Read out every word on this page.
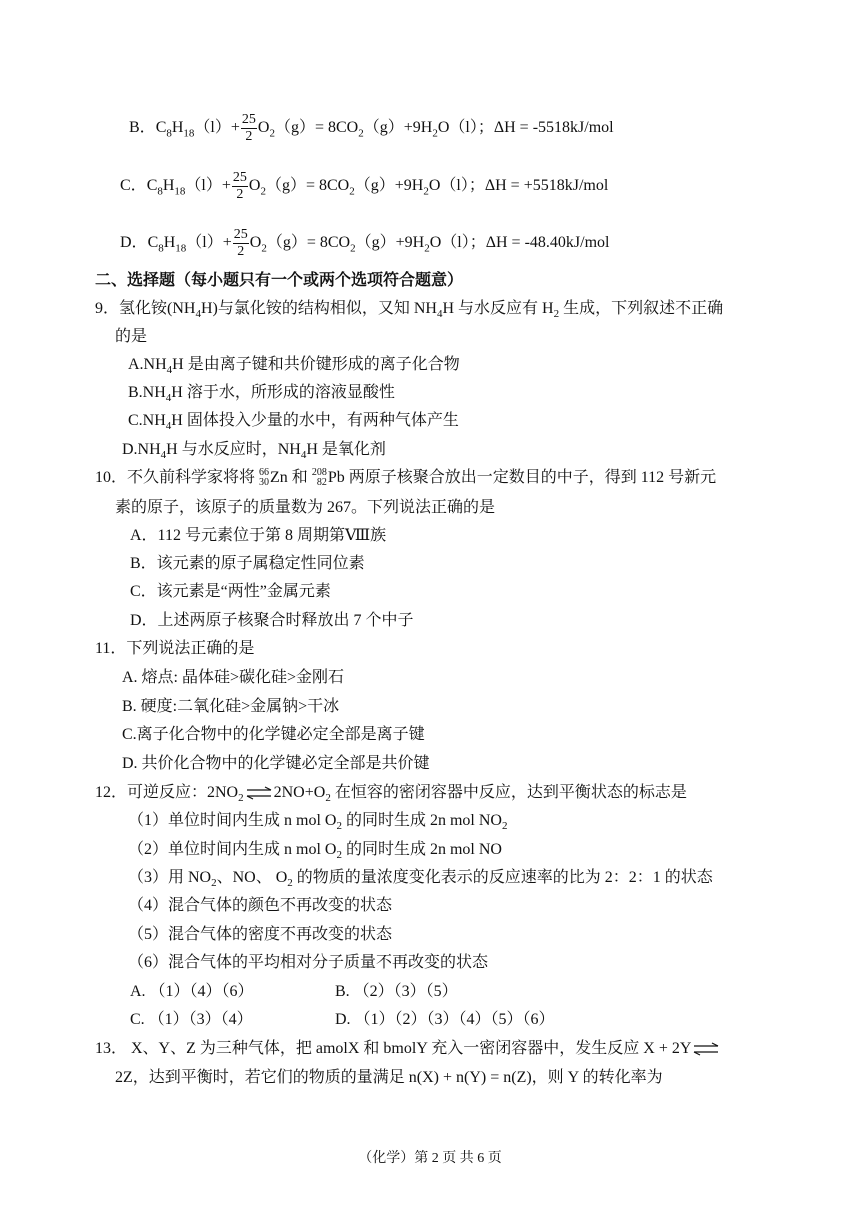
B．$C_8H_{18}(l)+ \frac{25}{2} O_2(g)= 8CO_2(g)+9H_2O(l)$；ΔH = -5518kJ/mol
C．$C_8H_{18}(l)+ \frac{25}{2} O_2(g)= 8CO_2(g)+9H_2O(l)$；ΔH = +5518kJ/mol
D．$C_8H_{18}(l)+ \frac{25}{2} O_2(g)= 8CO_2(g)+9H_2O(l)$；ΔH = -48.40kJ/mol
二、选择题（每小题只有一个或两个选项符合题意）
9．氢化铵$(NH_4H)$与氯化铵的结构相似，又知 $NH_4H$ 与水反应有 $H_2$ 生成，下列叙述不正确
的是
$A.NH_4H$ 是由离子键和共价键形成的离子化合物
$B.NH_4H$ 溶于水，所形成的溶液显酸性
$C.NH_4H$ 固体投入少量的水中，有两种气体产生
$D.NH_4H$ 与水反应时，$NH_4H$ 是氧化剂
10．不久前科学家将将 66
30 Zn 和 208
82 Pb 两原子核聚合放出一定数目的中子，得到 112 号新元
素的原子，该原子的质量数为 267。下列说法正确的是
A．112 号元素位于第 8 周期第Ⅷ族
B．该元素的原子属稳定性同位素
C．该元素是“两性”金属元素
D．上述两原子核聚合时释放出 7 个中子
11．下列说法正确的是
A. 熔点: 晶体硅>碳化硅>金刚石
B. 硬度:二氧化硅>金属钠>干冰
C.离子化合物中的化学键必定全部是离子键
D. 共价化合物中的化学键必定全部是共价键
12．可逆反应：$2NO_2$ ⇌ $2NO+O_2$ 在恒容的密闭容器中反应，达到平衡状态的标志是
（1）单位时间内生成 n mol $O_2$ 的同时生成 2n mol $NO_2$
（2）单位时间内生成 n mol $O_2$ 的同时生成 2n mol NO
（3）用 $NO_2$、NO、 $O_2$ 的物质的量浓度变化表示的反应速率的比为 2：2：1 的状态
（4）混合气体的颜色不再改变的状态
（5）混合气体的密度不再改变的状态
（6）混合气体的平均相对分子质量不再改变的状态
A. （1）（4）（6）	B. （2）（3）（5）
C. （1）（3）（4）	D. （1）（2）（3）（4）（5）（6）
13． X、Y、Z 为三种气体，把 amolX 和 bmolY 充入一密闭容器中，发生反应 X + 2Y ⇌
2Z，达到平衡时，若它们的物质的量满足 n(X) + n(Y) = n(Z)，则 Y 的转化率为
（化学）第 2 页 共 6 页
